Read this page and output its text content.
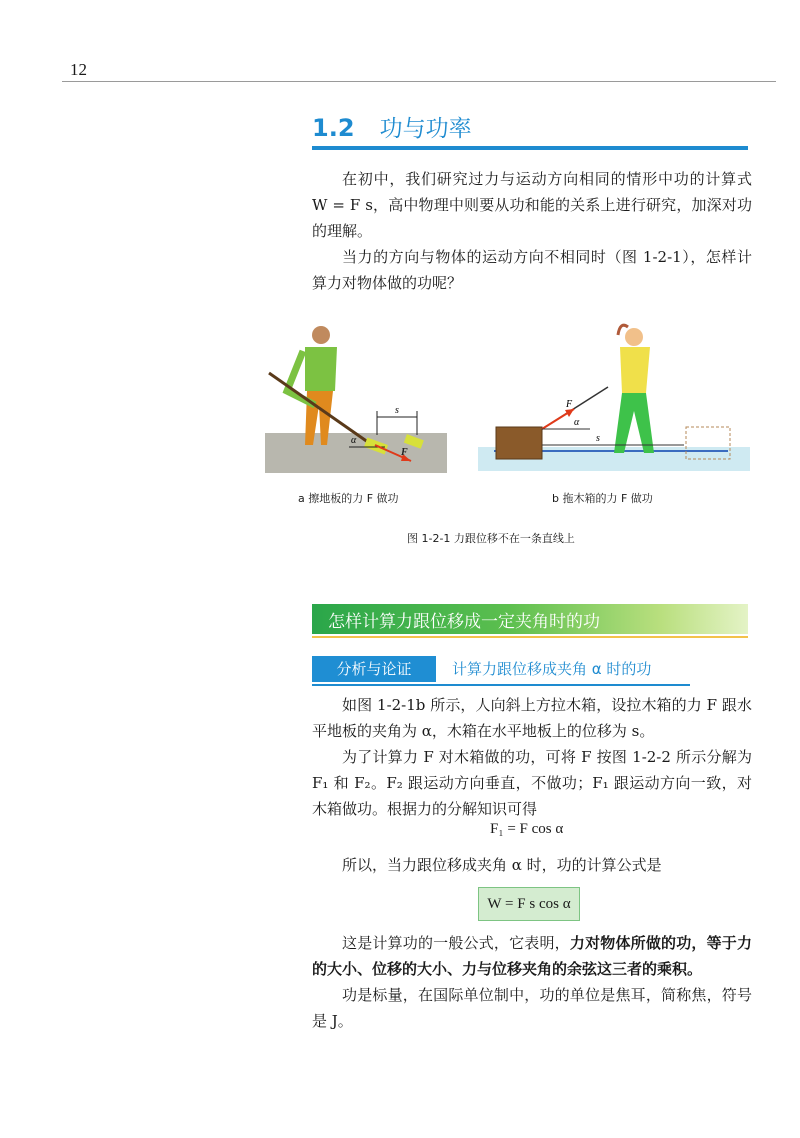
12
1.2 功与功率

在初中，我们研究过力与运动方向相同的情形中功的计算式 W = F s，高中物理中则要从功和能的关系上进行研究，加深对功的理解。

当力的方向与物体的运动方向不相同时（图 1-2-1），怎样计算力对物体做的功呢？

s
α
F
F
α
s
a 擦地板的力 F 做功	b 拖木箱的力 F 做功
图 1-2-1 力跟位移不在一条直线上
怎样计算力跟位移成一定夹角时的功
分析与论证	计算力跟位移成夹角 α 时的功

如图 1-2-1b 所示，人向斜上方拉木箱，设拉木箱的力 F 跟水平地板的夹角为 α，木箱在水平地板上的位移为 s。

为了计算力 F 对木箱做的功，可将 F 按图 1-2-2 所示分解为 F₁ 和 F₂。F₂ 跟运动方向垂直，不做功；F₁ 跟运动方向一致，对木箱做功。根据力的分解知识可得

F₁ = F cos α

所以，当力跟位移成夹角 α 时，功的计算公式是

W = F s cos α

这是计算功的一般公式，它表明，力对物体所做的功，等于力的大小、位移的大小、力与位移夹角的余弦这三者的乘积。

功是标量，在国际单位制中，功的单位是焦耳，简称焦，符号是 J。
